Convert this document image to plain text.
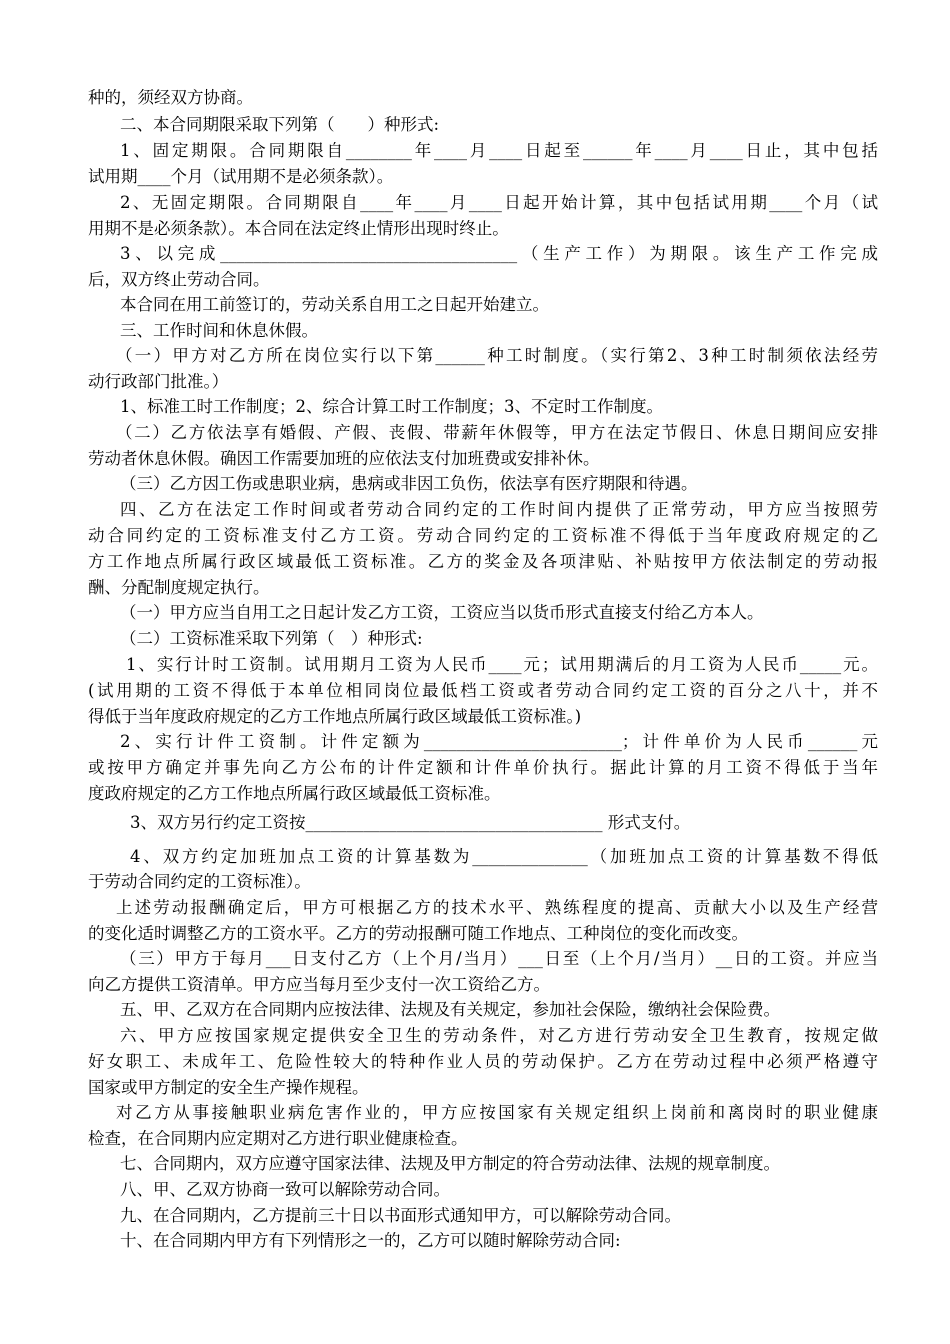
种的，须经双方协商。
二、本合同期限采取下列第（　　）种形式:
1、固定期限。合同期限自________年____月____日起至______年____月____日止，其中包括
试用期____个月（试用期不是必须条款）。
2、无固定期限。合同期限自____年____月____日起开始计算，其中包括试用期____个月（试
用期不是必须条款）。本合同在法定终止情形出现时终止。
3、以完成____________________________________（生产工作）为期限。该生产工作完成
后，双方终止劳动合同。
本合同在用工前签订的，劳动关系自用工之日起开始建立。
三、工作时间和休息休假。
（一）甲方对乙方所在岗位实行以下第______种工时制度。（实行第2、3种工时制须依法经劳
动行政部门批准。）
1、标准工时工作制度；2、综合计算工时工作制度；3、不定时工作制度。
（二）乙方依法享有婚假、产假、丧假、带薪年休假等，甲方在法定节假日、休息日期间应安排
劳动者休息休假。确因工作需要加班的应依法支付加班费或安排补休。
（三）乙方因工伤或患职业病，患病或非因工负伤，依法享有医疗期限和待遇。
四、乙方在法定工作时间或者劳动合同约定的工作时间内提供了正常劳动，甲方应当按照劳
动合同约定的工资标准支付乙方工资。劳动合同约定的工资标准不得低于当年度政府规定的乙
方工作地点所属行政区域最低工资标准。乙方的奖金及各项津贴、补贴按甲方依法制定的劳动报
酬、分配制度规定执行。
（一）甲方应当自用工之日起计发乙方工资，工资应当以货币形式直接支付给乙方本人。
（二）工资标准采取下列第（　）种形式:
1、实行计时工资制。试用期月工资为人民币____元；试用期满后的月工资为人民币_____元。
(试用期的工资不得低于本单位相同岗位最低档工资或者劳动合同约定工资的百分之八十，并不
得低于当年度政府规定的乙方工作地点所属行政区域最低工资标准。)
2、实行计件工资制。计件定额为________________________；计件单价为人民币______元
或按甲方确定并事先向乙方公布的计件定额和计件单价执行。据此计算的月工资不得低于当年
度政府规定的乙方工作地点所属行政区域最低工资标准。
3、双方另行约定工资按____________________________________ 形式支付。
4、双方约定加班加点工资的计算基数为______________（加班加点工资的计算基数不得低
于劳动合同约定的工资标准）。
上述劳动报酬确定后，甲方可根据乙方的技术水平、熟练程度的提高、贡献大小以及生产经营
的变化适时调整乙方的工资水平。乙方的劳动报酬可随工作地点、工种岗位的变化而改变。
（三）甲方于每月___日支付乙方（上个月/当月）___日至（上个月/当月）__日的工资。并应当
向乙方提供工资清单。甲方应当每月至少支付一次工资给乙方。
五、甲、乙双方在合同期内应按法律、法规及有关规定，参加社会保险，缴纳社会保险费。
六、甲方应按国家规定提供安全卫生的劳动条件，对乙方进行劳动安全卫生教育，按规定做
好女职工、未成年工、危险性较大的特种作业人员的劳动保护。乙方在劳动过程中必须严格遵守
国家或甲方制定的安全生产操作规程。
对乙方从事接触职业病危害作业的，甲方应按国家有关规定组织上岗前和离岗时的职业健康
检查，在合同期内应定期对乙方进行职业健康检查。
七、合同期内，双方应遵守国家法律、法规及甲方制定的符合劳动法律、法规的规章制度。
八、甲、乙双方协商一致可以解除劳动合同。
九、在合同期内，乙方提前三十日以书面形式通知甲方，可以解除劳动合同。
十、在合同期内甲方有下列情形之一的，乙方可以随时解除劳动合同:
